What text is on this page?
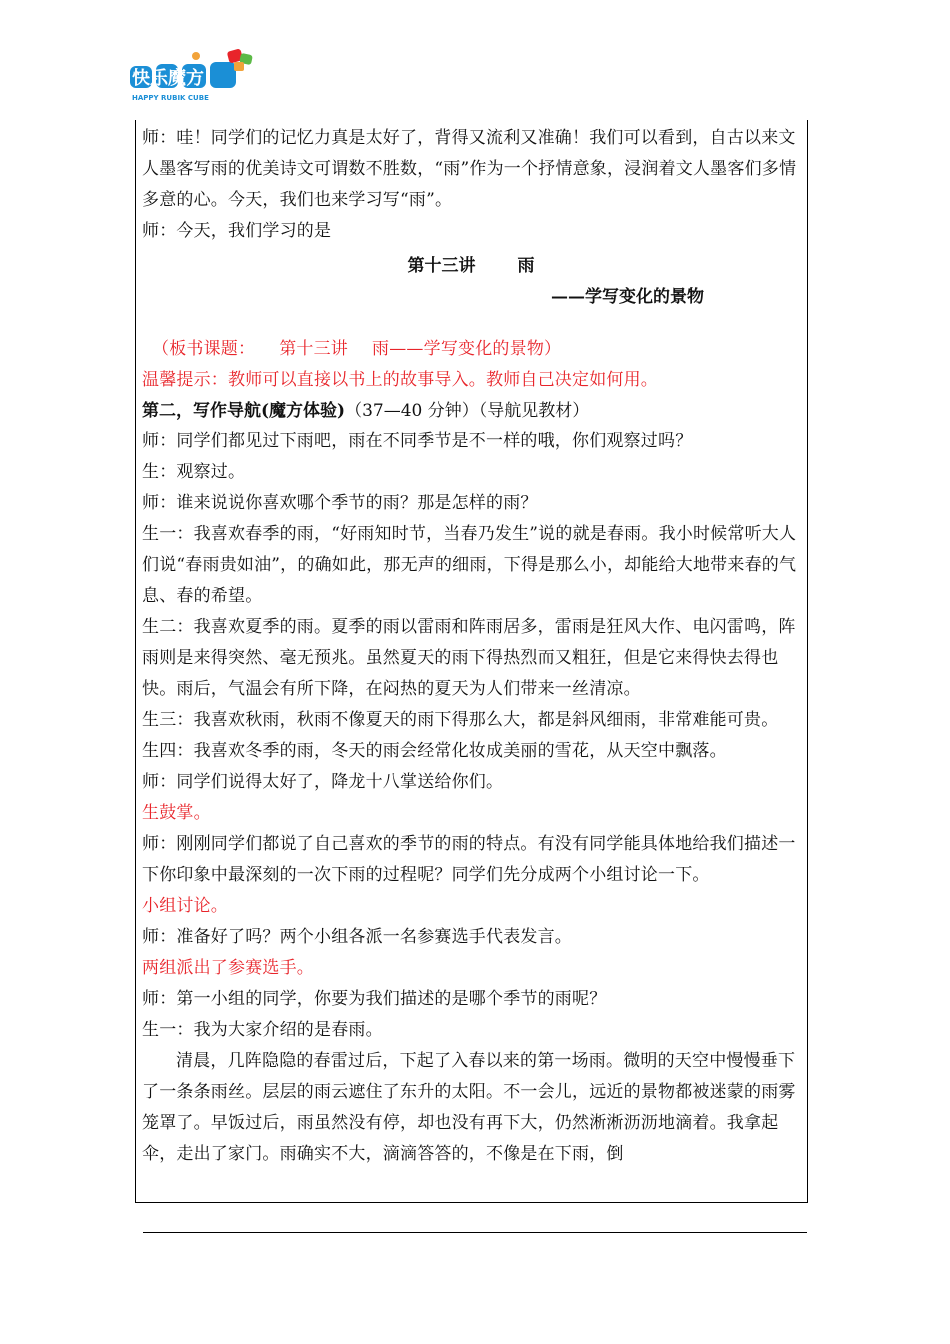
快乐魔方
HAPPY RUBIK CUBE

师：哇！同学们的记忆力真是太好了，背得又流利又准确！我们可以看到，自古以来文人墨客写雨的优美诗文可谓数不胜数，“雨”作为一个抒情意象，浸润着文人墨客们多情多意的心。今天，我们也来学习写“雨”。

师：今天，我们学习的是

第十三讲 雨

——学写变化的景物

（板书课题： 第十三讲 雨——学写变化的景物）

温馨提示：教师可以直接以书上的故事导入。教师自己决定如何用。

第二，写作导航(魔方体验)（37—40 分钟）（导航见教材）

师：同学们都见过下雨吧，雨在不同季节是不一样的哦，你们观察过吗？

生：观察过。

师：谁来说说你喜欢哪个季节的雨？那是怎样的雨？

生一：我喜欢春季的雨，“好雨知时节，当春乃发生”说的就是春雨。我小时候常听大人们说“春雨贵如油”，的确如此，那无声的细雨，下得是那么小，却能给大地带来春的气息、春的希望。

生二：我喜欢夏季的雨。夏季的雨以雷雨和阵雨居多，雷雨是狂风大作、电闪雷鸣，阵雨则是来得突然、毫无预兆。虽然夏天的雨下得热烈而又粗狂，但是它来得快去得也快。雨后，气温会有所下降，在闷热的夏天为人们带来一丝清凉。

生三：我喜欢秋雨，秋雨不像夏天的雨下得那么大，都是斜风细雨，非常难能可贵。

生四：我喜欢冬季的雨，冬天的雨会经常化妆成美丽的雪花，从天空中飘落。

师：同学们说得太好了，降龙十八掌送给你们。

生鼓掌。

师：刚刚同学们都说了自己喜欢的季节的雨的特点。有没有同学能具体地给我们描述一下你印象中最深刻的一次下雨的过程呢？同学们先分成两个小组讨论一下。

小组讨论。

师：准备好了吗？两个小组各派一名参赛选手代表发言。

两组派出了参赛选手。

师：第一小组的同学，你要为我们描述的是哪个季节的雨呢？

生一：我为大家介绍的是春雨。

清晨，几阵隐隐的春雷过后，下起了入春以来的第一场雨。微明的天空中慢慢垂下了一条条雨丝。层层的雨云遮住了东升的太阳。不一会儿，远近的景物都被迷蒙的雨雾笼罩了。早饭过后，雨虽然没有停，却也没有再下大，仍然淅淅沥沥地滴着。我拿起伞，走出了家门。雨确实不大，滴滴答答的，不像是在下雨，倒
